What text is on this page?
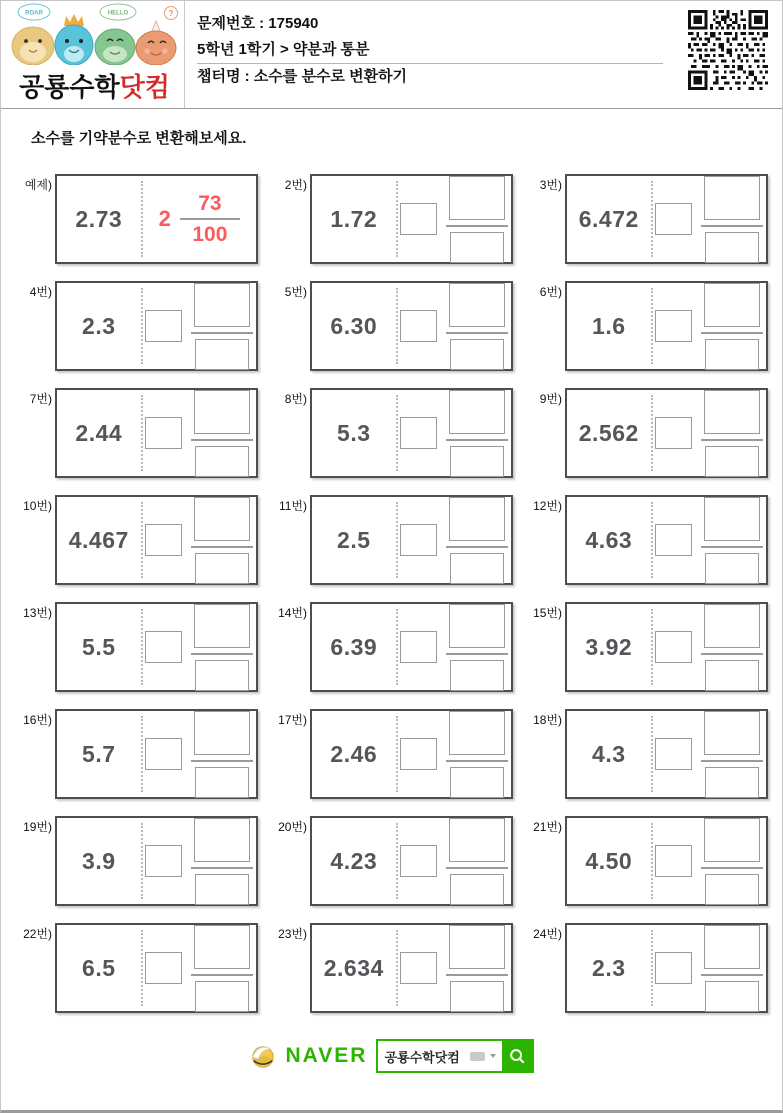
ROAR	HELLO	?
공룡수학닷컴
문제번호 : 175940
5학년 1학기 > 약분과 통분
챕터명 : 소수를 분수로 변환하기
소수를 기약분수로 변환해보세요.
예제)
2.73 $2 \frac{73}{100}$
2번)
1.72
3번)
6.472
4번)
2.3
5번)
6.30
6번)
1.6
7번)
2.44
8번)
5.3
9번)
2.562
10번)
4.467
11번)
2.5
12번)
4.63
13번)
5.5
14번)
6.39
15번)
3.92
16번)
5.7
17번)
2.46
18번)
4.3
19번)
3.9
20번)
4.23
21번)
4.50
22번)
6.5
23번)
2.634
24번)
2.3
NAVER 공룡수학닷컴
